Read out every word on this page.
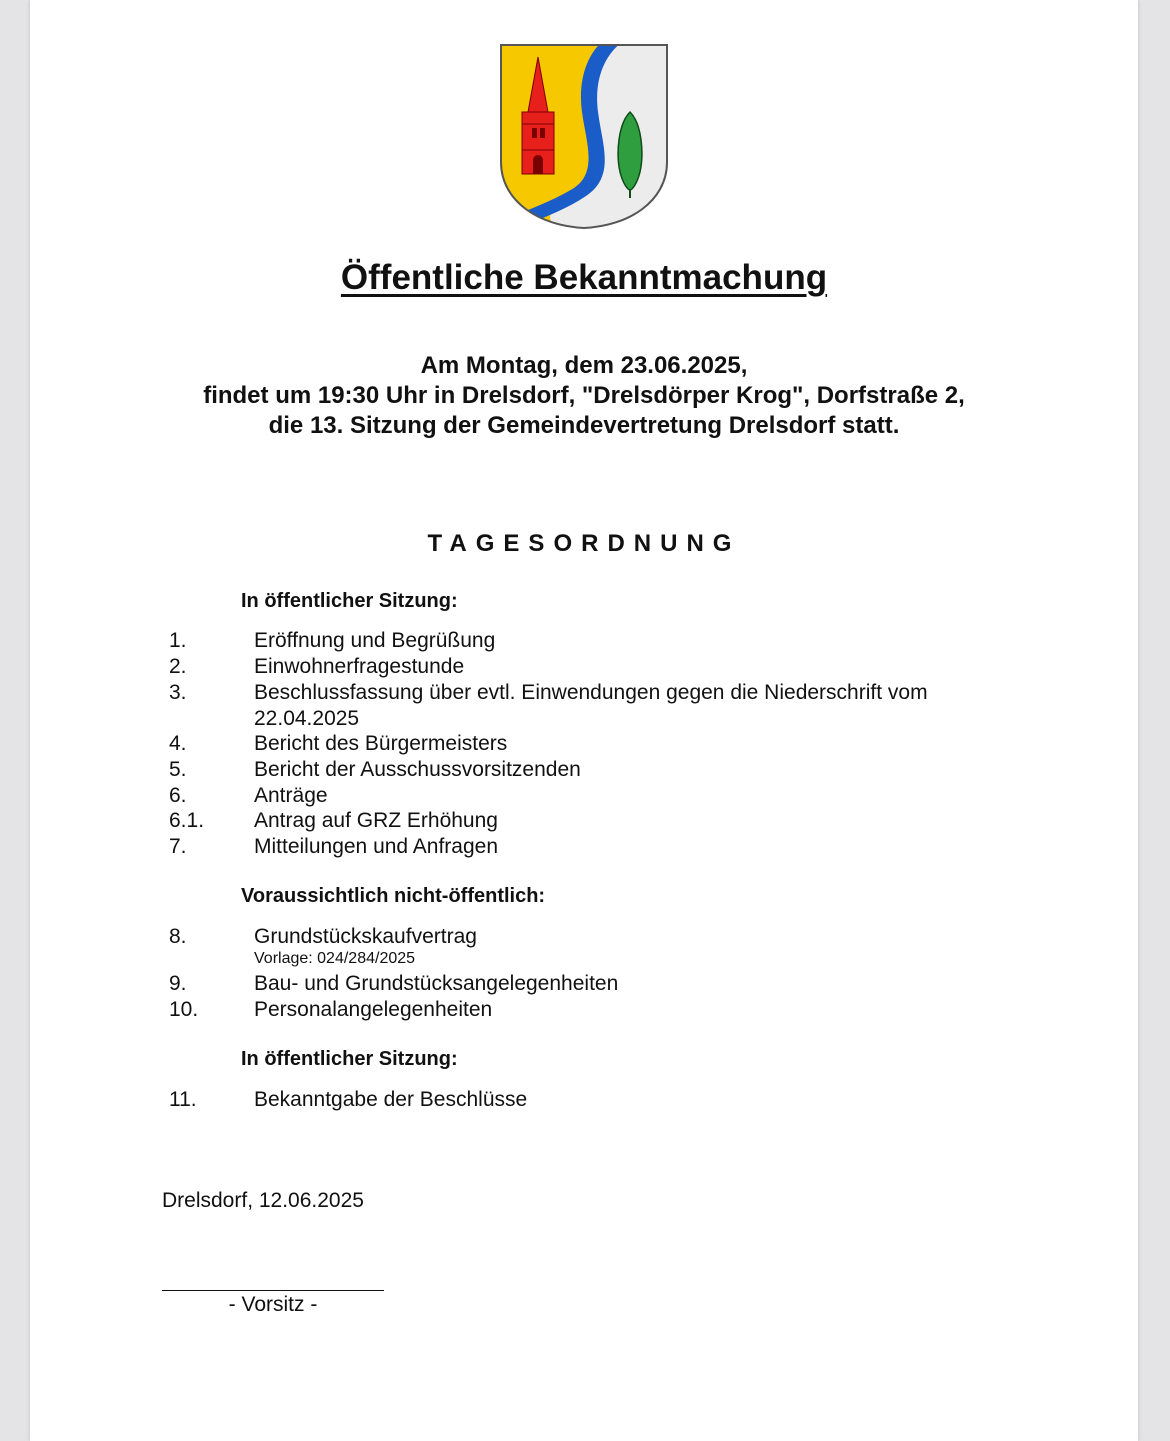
Öffentliche Bekanntmachung
Am Montag, dem 23.06.2025,
findet um 19:30 Uhr in Drelsdorf, "Drelsdörper Krog", Dorfstraße 2,
die 13. Sitzung der Gemeindevertretung Drelsdorf statt.
TAGESORDNUNG
In öffentlicher Sitzung:
1.	Eröffnung und Begrüßung
2.	Einwohnerfragestunde
3.	Beschlussfassung über evtl. Einwendungen gegen die Niederschrift vom
22.04.2025
4.	Bericht des Bürgermeisters
5.	Bericht der Ausschussvorsitzenden
6.	Anträge
6.1. Antrag auf GRZ Erhöhung
7.	Mitteilungen und Anfragen
Voraussichtlich nicht-öffentlich:
8.	Grundstückskaufvertrag
Vorlage: 024/284/2025
9.	Bau- und Grundstücksangelegenheiten
10.	Personalangelegenheiten
In öffentlicher Sitzung:
11.	Bekanntgabe der Beschlüsse
Drelsdorf, 12.06.2025
- Vorsitz -
